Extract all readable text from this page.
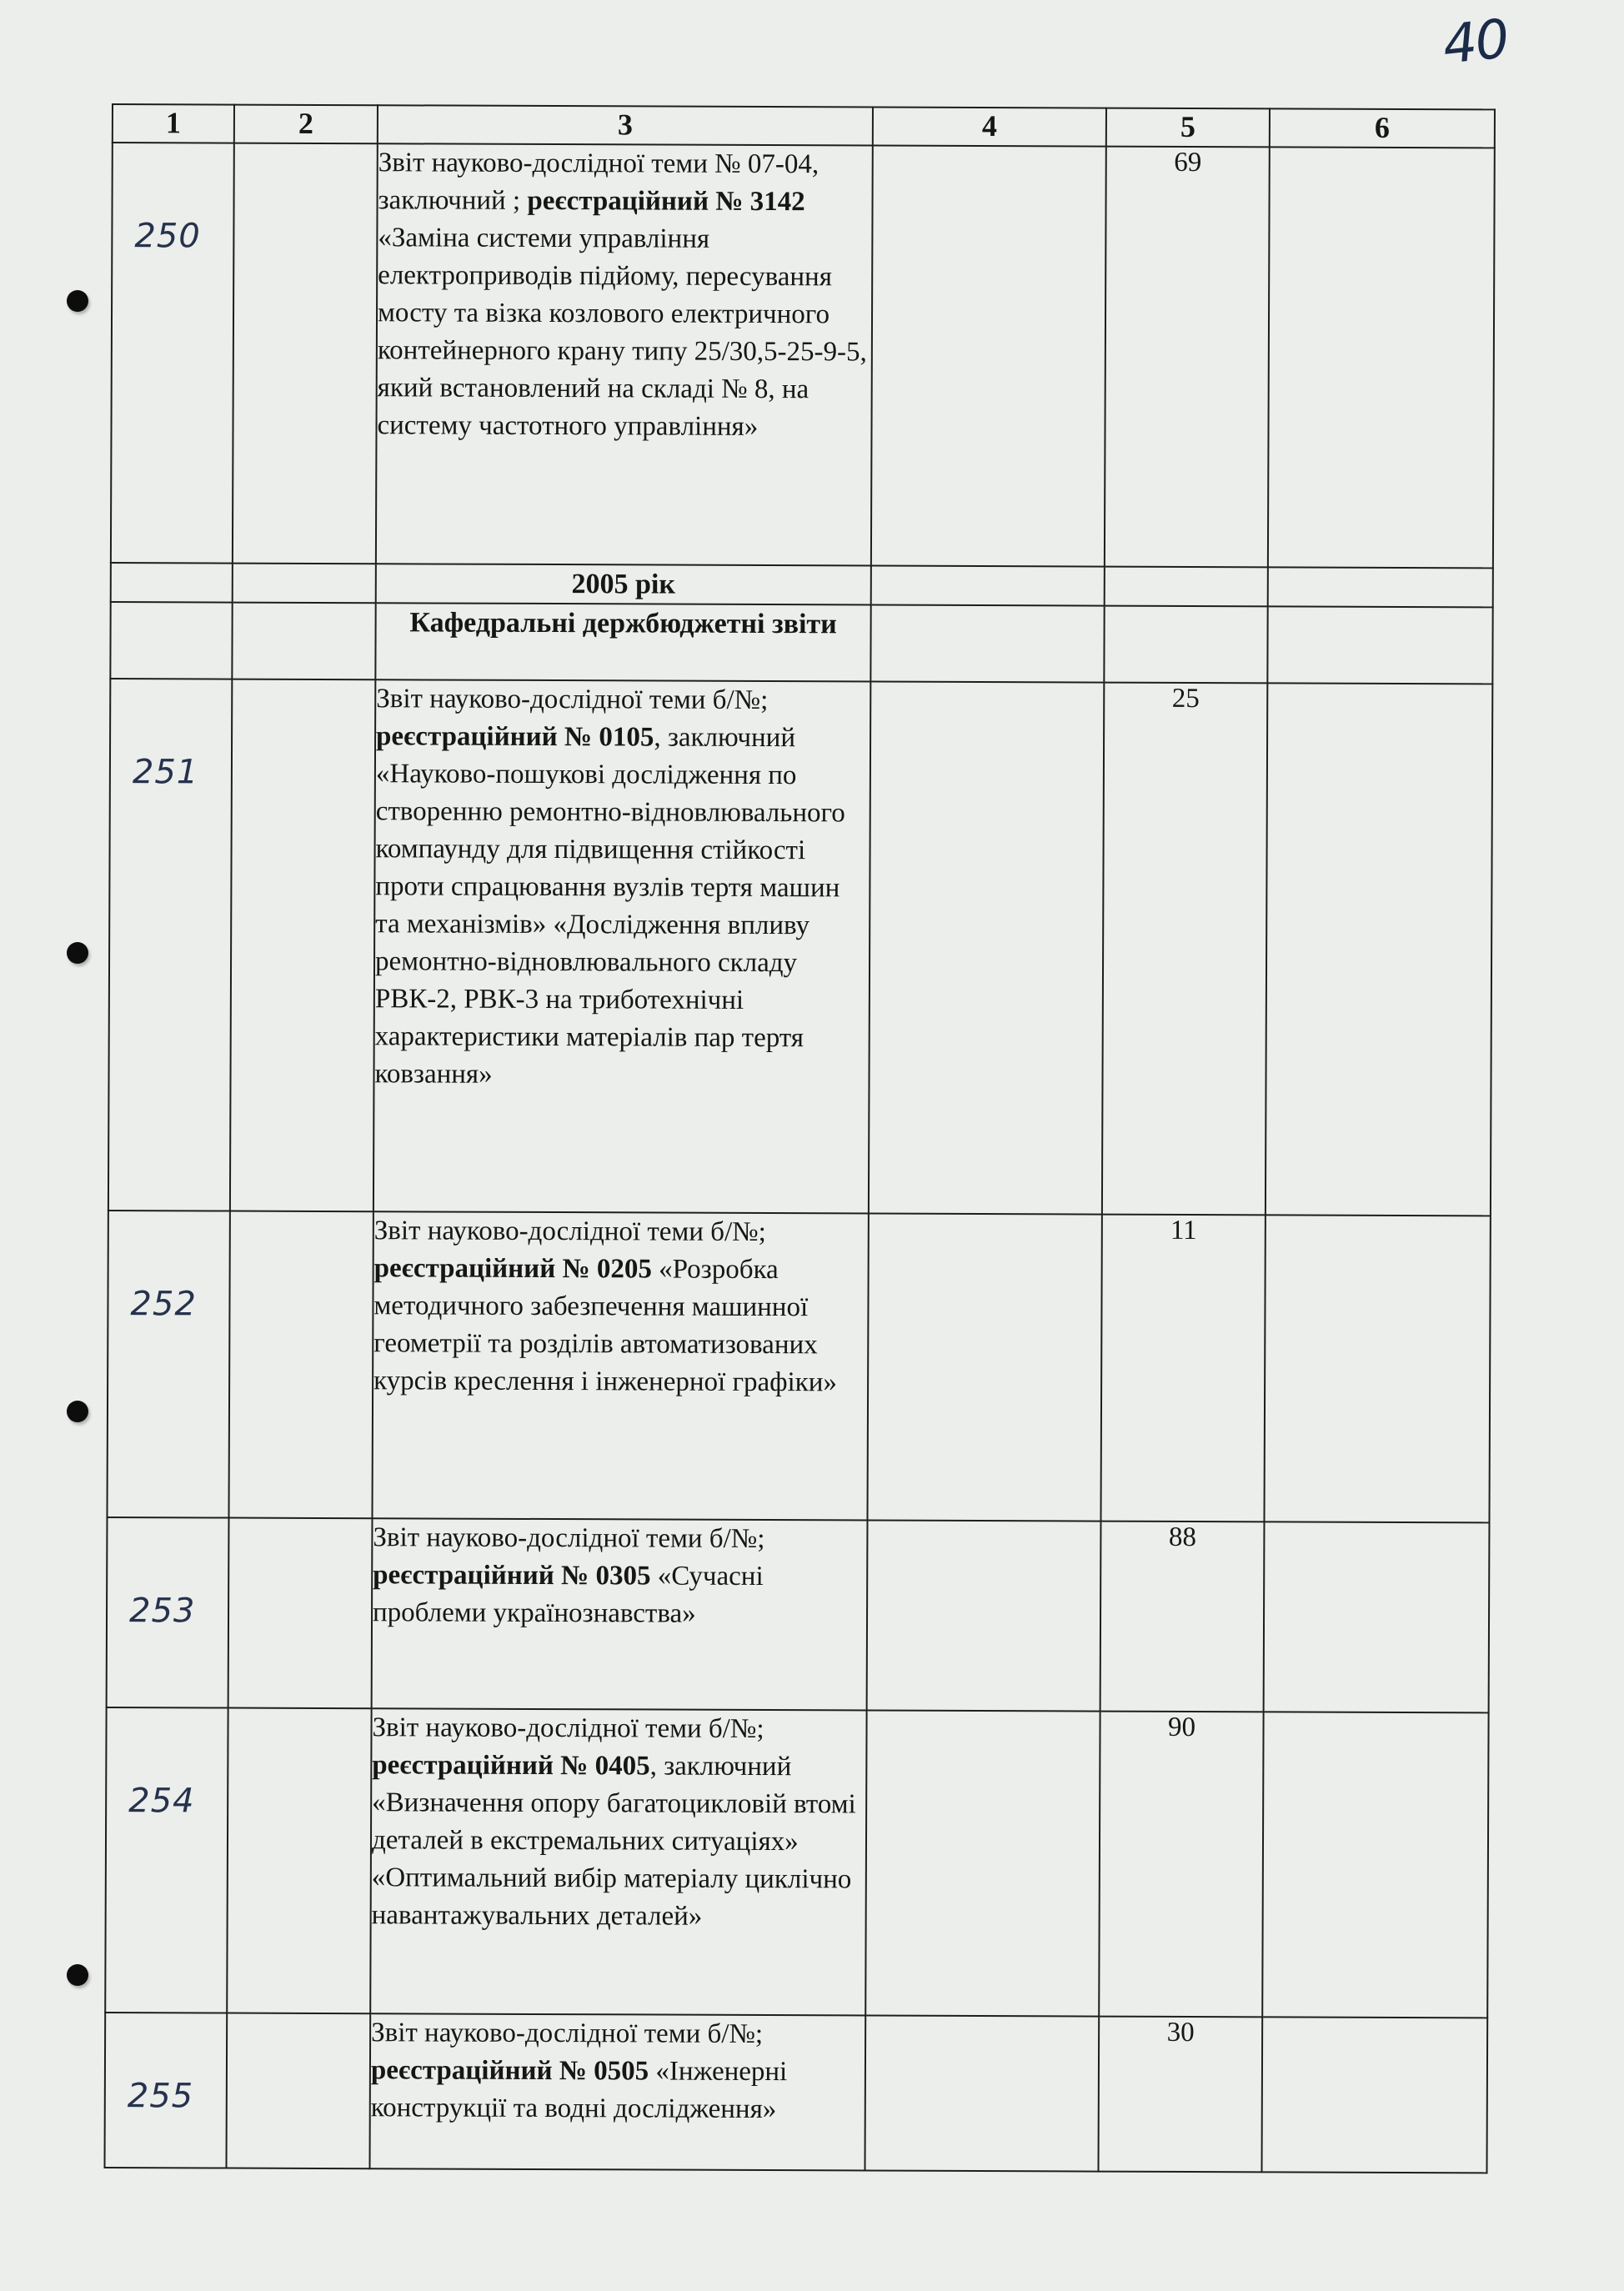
40
1	2	3	4	5	6

250		Звіт науково-дослідної теми № 07-04, заключний ; реєстраційний № 3142 «Заміна системи управління електроприводів підйому, пересування мосту та візка козлового електричного контейнерного крану типу 25/30,5-25-9-5, який встановлений на складі № 8, на систему частотного управління»		69	
		2005 рік			
		Кафедральні держбюджетні звіти			

251		Звіт науково-дослідної теми б/№; реєстраційний № 0105, заключний «Науково-пошукові дослідження по створенню ремонтно-відновлювального компаунду для підвищення стійкості проти спрацювання вузлів тертя машин та механізмів» «Дослідження впливу ремонтно-відновлювального складу РВК-2, РВК-3 на триботехнічні характеристики матеріалів пар тертя ковзання»		25	

252		Звіт науково-дослідної теми б/№; реєстраційний № 0205 «Розробка методичного забезпечення машинної геометрії та розділів автоматизованих курсів креслення і інженерної графіки»		11	

253		Звіт науково-дослідної теми б/№; реєстраційний № 0305 «Сучасні проблеми українознавства»		88	

254		Звіт науково-дослідної теми б/№; реєстраційний № 0405, заключний «Визначення опору багатоцикловій втомі деталей в екстремальних ситуаціях» «Оптимальний вибір матеріалу циклічно навантажувальних деталей»		90	

255		Звіт науково-дослідної теми б/№; реєстраційний № 0505 «Інженерні конструкції та водні дослідження»		30	
